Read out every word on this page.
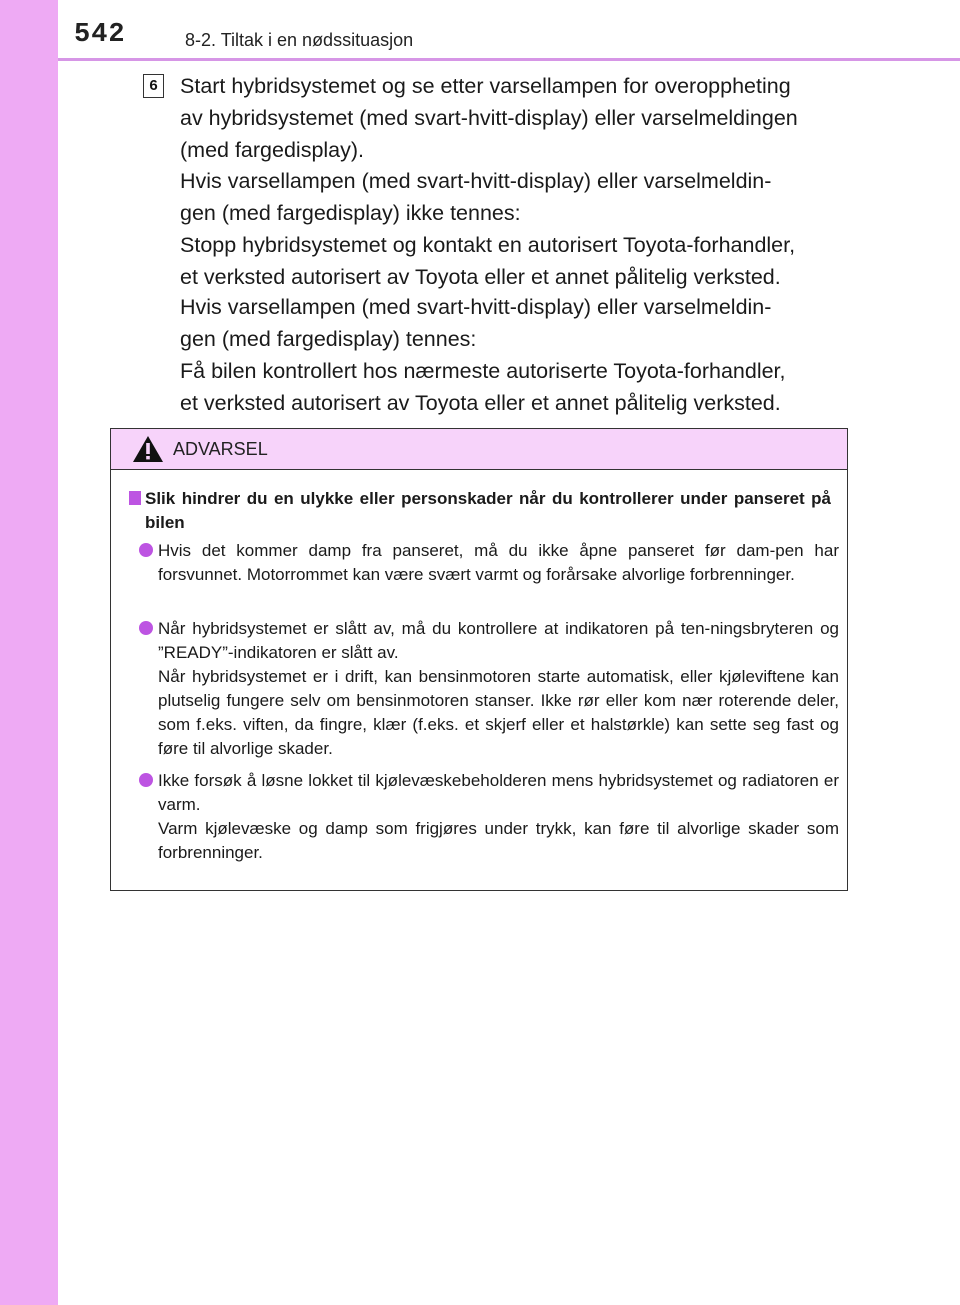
542	8-2. Tiltak i en nødssituasjon
6 Start hybridsystemet og se etter varsellampen for overoppheting
av hybridsystemet (med svart-hvitt-display) eller varselmeldingen
(med fargedisplay).

Hvis varsellampen (med svart-hvitt-display) eller varselmeldin-
gen (med fargedisplay) ikke tennes:
Stopp hybridsystemet og kontakt en autorisert Toyota-forhandler,
et verksted autorisert av Toyota eller et annet pålitelig verksted.

Hvis varsellampen (med svart-hvitt-display) eller varselmeldin-
gen (med fargedisplay) tennes:
Få bilen kontrollert hos nærmeste autoriserte Toyota-forhandler,
et verksted autorisert av Toyota eller et annet pålitelig verksted.

ADVARSEL
Slik hindrer du en ulykke eller personskader når du kontrollerer under panseret på bilen
Hvis det kommer damp fra panseret, må du ikke åpne panseret før dam-pen har forsvunnet. Motorrommet kan være svært varmt og forårsake alvorlige forbrenninger.
Når hybridsystemet er slått av, må du kontrollere at indikatoren på ten-ningsbryteren og ”READY”-indikatoren er slått av.
Når hybridsystemet er i drift, kan bensinmotoren starte automatisk, eller kjøleviftene kan plutselig fungere selv om bensinmotoren stanser. Ikke rør eller kom nær roterende deler, som f.eks. viften, da fingre, klær (f.eks. et skjerf eller et halstørkle) kan sette seg fast og føre til alvorlige skader.
Ikke forsøk å løsne lokket til kjølevæskebeholderen mens hybridsystemet og radiatoren er varm.
Varm kjølevæske og damp som frigjøres under trykk, kan føre til alvorlige skader som forbrenninger.
